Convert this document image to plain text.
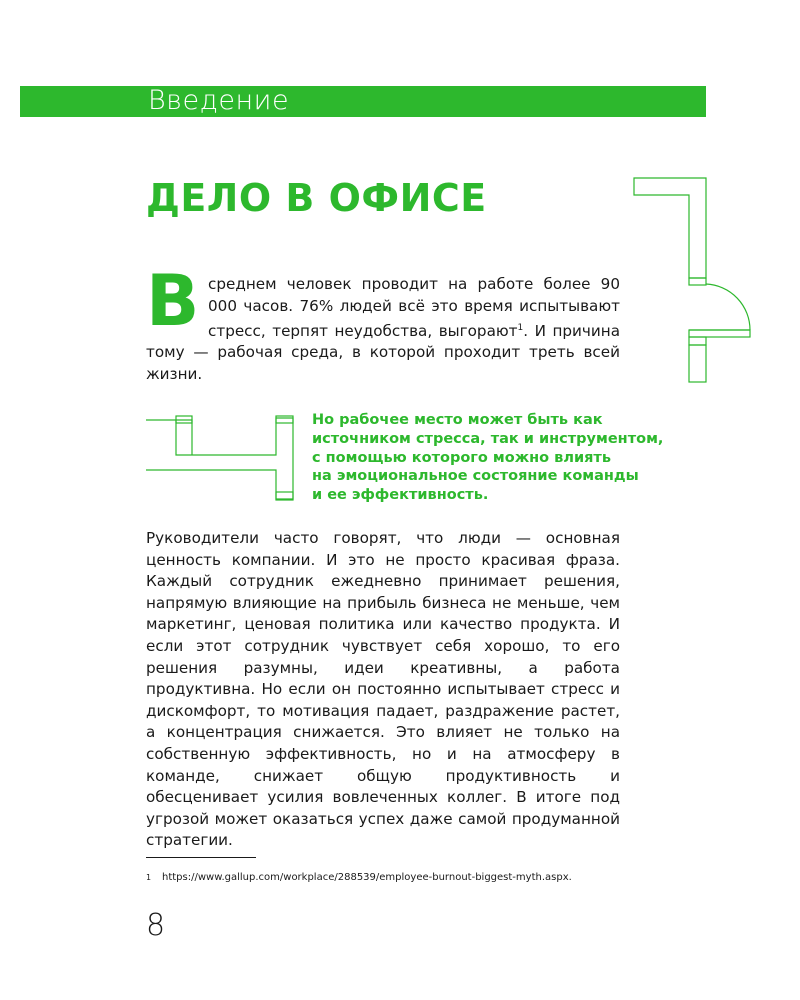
Введение
ДЕЛО В ОФИСЕ
В среднем человек проводит на работе более 90 000 часов. 76% людей всё это время испытывают стресс, терпят неудобства, выгорают$^1$. И причина тому — рабочая среда, в которой проходит треть всей жизни.

Но рабочее место может быть как
источником стресса, так и инструментом,
с помощью которого можно влиять
на эмоциональное состояние команды
и ее эффективность.

Руководители часто говорят, что люди — основная ценность компании. И это не просто красивая фраза. Каждый сотрудник ежедневно принимает решения, напрямую влияющие на прибыль бизнеса не меньше, чем маркетинг, ценовая политика или качество продукта. И если этот сотрудник чувствует себя хорошо, то его решения разумны, идеи креативны, а работа продуктивна. Но если он постоянно испытывает стресс и дискомфорт, то мотивация падает, раздражение растет, а концентрация снижается. Это влияет не только на собственную эффективность, но и на атмосферу в команде, снижает общую продуктивность и обесценивает усилия вовлеченных коллег. В итоге под угрозой может оказаться успех даже самой продуманной стратегии.

1 https://www.gallup.com/workplace/288539/employee-burnout-biggest-myth.aspx.
8
